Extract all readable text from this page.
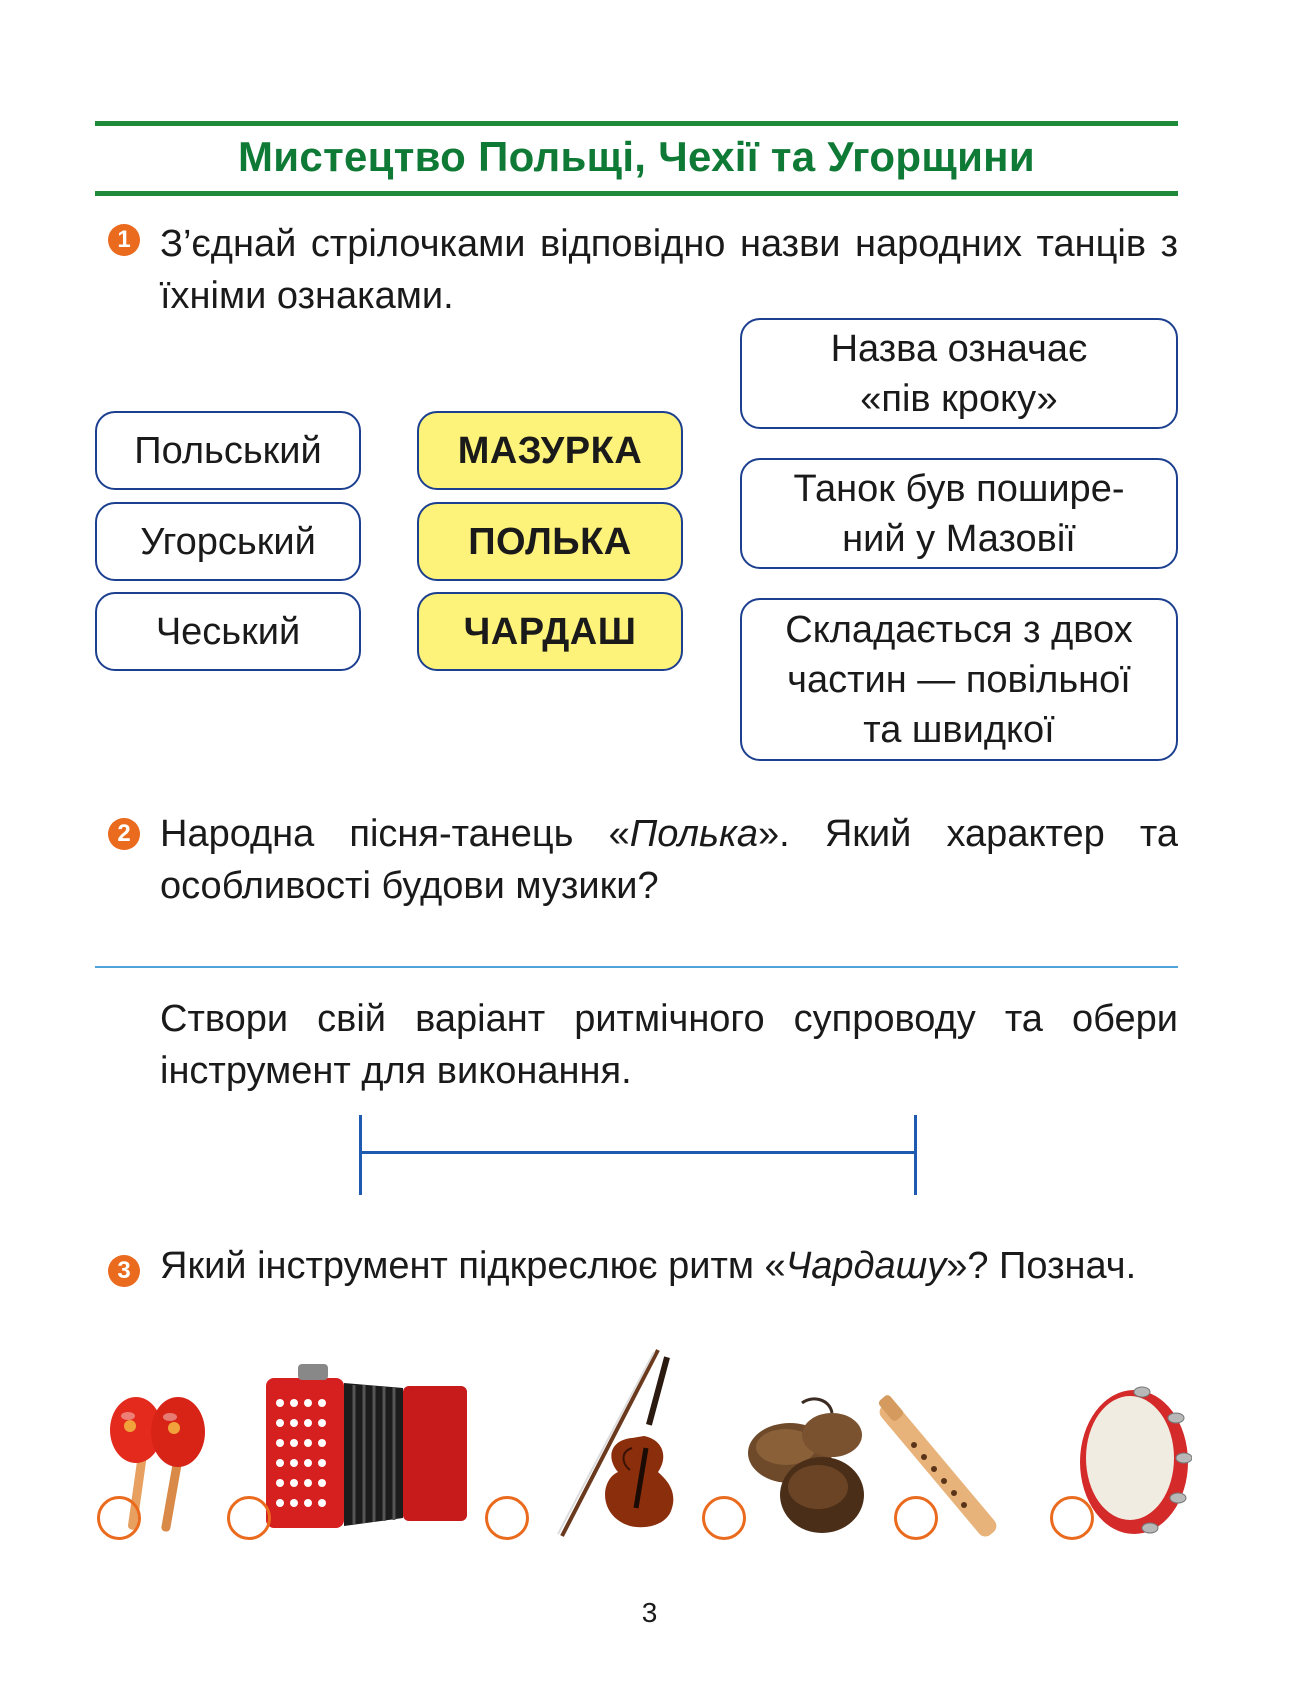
Мистецтво Польщі, Чехії та Угорщини
1 З’єднай стрілочками відповідно назви народних танців з їхніми ознаками.
Польський
Угорський
Чеський
МАЗУРКА
ПОЛЬКА
ЧАРДАШ
Назва означає
«пів кроку»
Танок був пошире-
ний у Мазовії
Складається з двох
частин — повільної
та швидкої
2 Народна пісня-танець «Полька». Який характер та особливості будови музики?
Створи свій варіант ритмічного супроводу та обери інструмент для виконання.
3 Який інструмент підкреслює ритм «Чардашу»? Познач.
3
